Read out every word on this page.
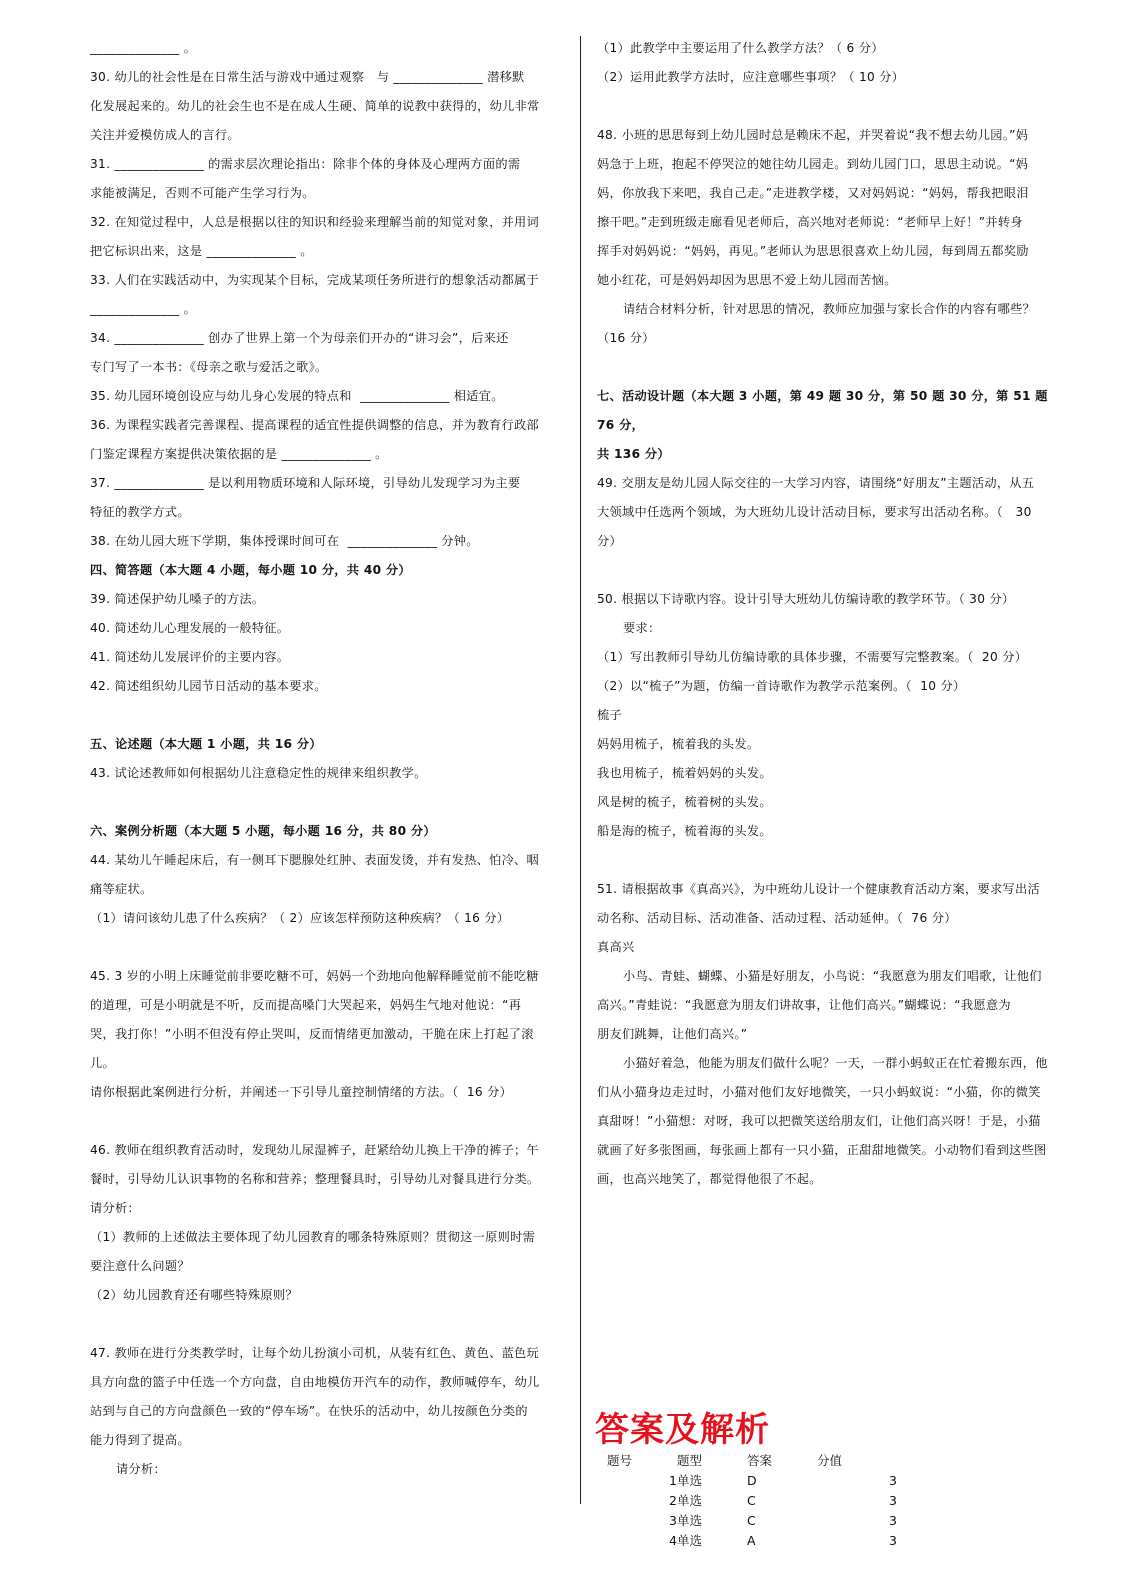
______________ 。
30. 幼儿的社会性是在日常生活与游戏中通过观察   与 ______________ 潜移默
化发展起来的。幼儿的社会生也不是在成人生硬、简单的说教中获得的，幼儿非常
关注并爱模仿成人的言行。
31. ______________ 的需求层次理论指出：除非个体的身体及心理两方面的需
求能被满足，否则不可能产生学习行为。
32. 在知觉过程中，人总是根据以往的知识和经验来理解当前的知觉对象，并用词
把它标识出来，这是 ______________ 。
33. 人们在实践活动中，为实现某个目标，完成某项任务所进行的想象活动都属于
______________ 。
34. ______________ 创办了世界上第一个为母亲们开办的“讲习会”，后来还
专门写了一本书：《母亲之歌与爱活之歌》。
35. 幼儿园环境创设应与幼儿身心发展的特点和  ______________ 相适宜。
36. 为课程实践者完善课程、提高课程的适宜性提供调整的信息，并为教育行政部
门鉴定课程方案提供决策依据的是 ______________ 。
37. ______________ 是以利用物质环境和人际环境，引导幼儿发现学习为主要
特征的教学方式。
38. 在幼儿园大班下学期，集体授课时间可在  ______________ 分钟。
四、简答题（本大题 4 小题，每小题 10 分，共 40 分）
39. 简述保护幼儿嗓子的方法。
40. 简述幼儿心理发展的一般特征。
41. 简述幼儿发展评价的主要内容。
42. 简述组织幼儿园节日活动的基本要求。
五、论述题（本大题 1 小题，共 16 分）
43. 试论述教师如何根据幼儿注意稳定性的规律来组织教学。
六、案例分析题（本大题 5 小题，每小题 16 分，共 80 分）
44. 某幼儿午睡起床后，有一侧耳下腮腺处红肿、表面发烫，并有发热、怕冷、咽
痛等症状。
（1）请问该幼儿患了什么疾病？（ 2）应该怎样预防这种疾病？（ 16 分）
45. 3 岁的小明上床睡觉前非要吃糖不可，妈妈一个劲地向他解释睡觉前不能吃糖
的道理，可是小明就是不听，反而提高嗓门大哭起来，妈妈生气地对他说：“再
哭，我打你！”小明不但没有停止哭叫，反而情绪更加激动，干脆在床上打起了滚
儿。
请你根据此案例进行分析，并阐述一下引导儿童控制情绪的方法。（  16 分）
46. 教师在组织教育活动时，发现幼儿尿湿裤子，赶紧给幼儿换上干净的裤子；午
餐时，引导幼儿认识事物的名称和营养；整理餐具时，引导幼儿对餐具进行分类。
请分析：
（1）教师的上述做法主要体现了幼儿园教育的哪条特殊原则？贯彻这一原则时需
要注意什么问题？
（2）幼儿园教育还有哪些特殊原则？
47. 教师在进行分类教学时，让每个幼儿扮演小司机，从装有红色、黄色、蓝色玩
具方向盘的篮子中任选一个方向盘，自由地模仿开汽车的动作，教师喊停车，幼儿
站到与自己的方向盘颜色一致的“停车场”。在快乐的活动中，幼儿按颜色分类的
能力得到了提高。
请分析：
（1）此教学中主要运用了什么教学方法？（ 6 分）
（2）运用此教学方法时，应注意哪些事项？（ 10 分）
48. 小班的思思每到上幼儿园时总是赖床不起，并哭着说“我不想去幼儿园。”妈
妈急于上班，抱起不停哭泣的她往幼儿园走。到幼儿园门口，思思主动说。“妈
妈，你放我下来吧，我自己走。”走进教学楼，又对妈妈说：“妈妈，帮我把眼泪
擦干吧。”走到班级走廊看见老师后，高兴地对老师说：“老师早上好！”并转身
挥手对妈妈说：“妈妈，再见。”老师认为思思很喜欢上幼儿园，每到周五都奖励
她小红花，可是妈妈却因为思思不爱上幼儿园而苦恼。
请结合材料分析，针对思思的情况，教师应加强与家长合作的内容有哪些？
（16 分）
七、活动设计题（本大题 3 小题，第 49 题 30 分，第 50 题 30 分，第 51 题 76 分，
共 136 分）
49. 交朋友是幼儿园人际交往的一大学习内容，请围绕“好朋友”主题活动，从五
大领域中任选两个领域，为大班幼儿设计活动目标，要求写出活动名称。（   30
分）
50. 根据以下诗歌内容。设计引导大班幼儿仿编诗歌的教学环节。（ 30 分）
要求：
（1）写出教师引导幼儿仿编诗歌的具体步骤，不需要写完整教案。（  20 分）
（2）以“梳子”为题，仿编一首诗歌作为教学示范案例。（  10 分）
梳子
妈妈用梳子，梳着我的头发。
我也用梳子，梳着妈妈的头发。
风是树的梳子，梳着树的头发。
船是海的梳子，梳着海的头发。
51. 请根据故事《真高兴》，为中班幼儿设计一个健康教育活动方案，要求写出活
动名称、活动目标、活动准备、活动过程、活动延伸。（  76 分）
真高兴
小鸟、青蛙、蝴蝶、小猫是好朋友，小鸟说：“我愿意为朋友们唱歌，让他们
高兴。”青蛙说：“我愿意为朋友们讲故事，让他们高兴。”蝴蝶说：“我愿意为
朋友们跳舞，让他们高兴。”
小猫好着急，他能为朋友们做什么呢？一天，一群小蚂蚁正在忙着搬东西，他
们从小猫身边走过时，小猫对他们友好地微笑，一只小蚂蚁说：“小猫，你的微笑
真甜呀！”小猫想：对呀，我可以把微笑送给朋友们，让他们高兴呀！于是，小猫
就画了好多张图画，每张画上都有一只小猫，正甜甜地微笑。小动物们看到这些图
画，也高兴地笑了，都觉得他很了不起。
答案及解析
题号	题型	答案	分值
1	单选	D	3
2	单选	C	3
3	单选	C	3
4	单选	A	3
